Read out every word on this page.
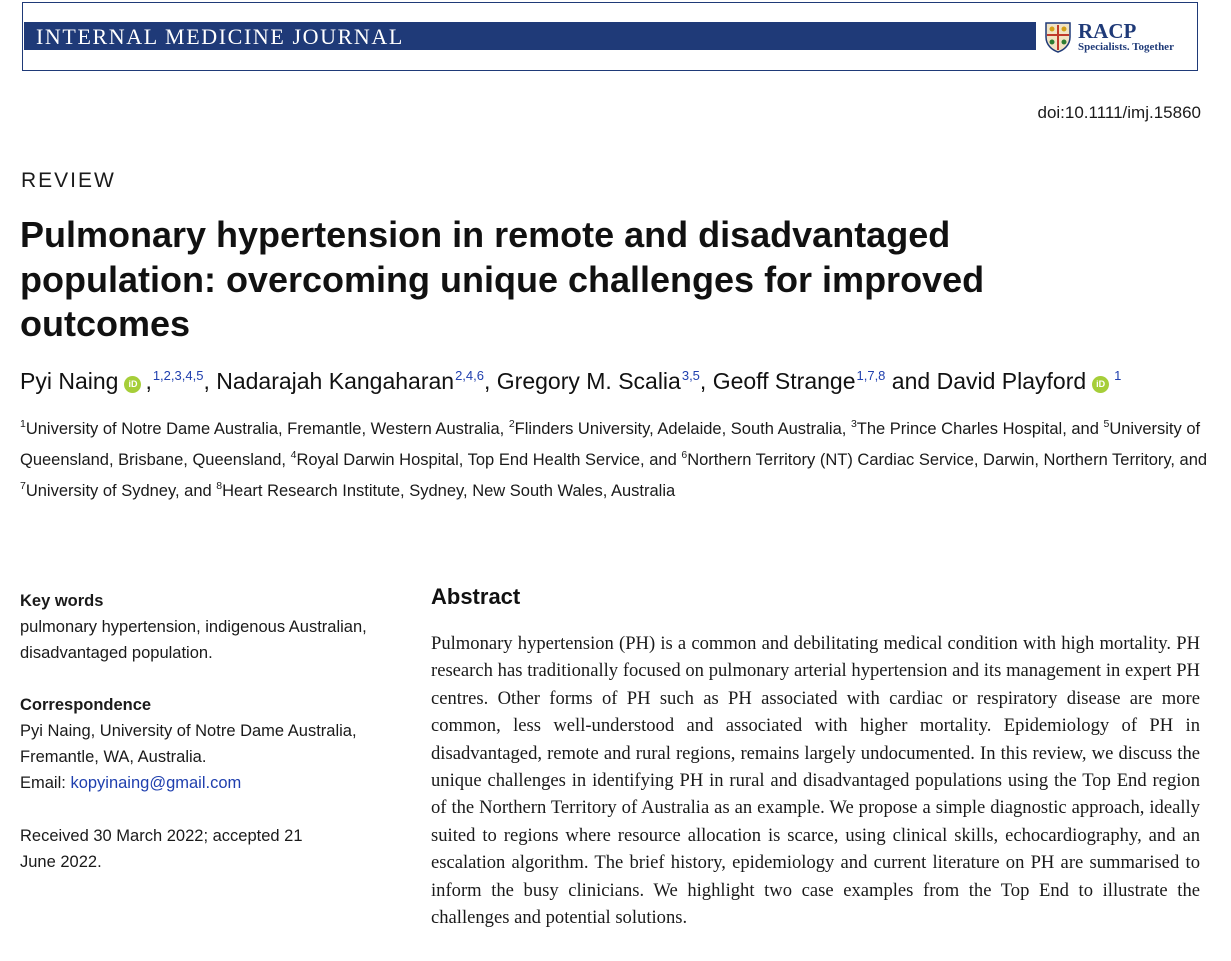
INTERNAL MEDICINE JOURNAL	RACP
Specialists. Together
doi:10.1111/imj.15860
REVIEW
Pulmonary hypertension in remote and disadvantaged population: overcoming unique challenges for improved outcomes
Pyi Naing iD ,$^{1,2,3,4,5}$, Nadarajah Kangaharan$^{2,4,6}$, Gregory M. Scalia$^{3,5}$, Geoff Strange$^{1,7,8}$ and David Playford $iD^1$
$^1$University of Notre Dame Australia, Fremantle, Western Australia, $^2$Flinders University, Adelaide, South Australia, $^3$The Prince Charles Hospital, and $^5$University of Queensland, Brisbane, Queensland, $^4$Royal Darwin Hospital, Top End Health Service, and $^6$Northern Territory (NT) Cardiac Service, Darwin, Northern Territory, and $^7$University of Sydney, and $^8$Heart Research Institute, Sydney, New South Wales, Australia
Key words

pulmonary hypertension, indigenous Australian, disadvantaged population.

Correspondence

Pyi Naing, University of Notre Dame Australia, Fremantle, WA, Australia.

Email: kopyinaing@gmail.com

Received 30 March 2022; accepted 21 June 2022.

Abstract

Pulmonary hypertension (PH) is a common and debilitating medical condition with high mortality. PH research has traditionally focused on pulmonary arterial hypertension and its management in expert PH centres. Other forms of PH such as PH associated with cardiac or respiratory disease are more common, less well-understood and associated with higher mortality. Epidemiology of PH in disadvantaged, remote and rural regions, remains largely undocumented. In this review, we discuss the unique challenges in identifying PH in rural and disadvantaged populations using the Top End region of the Northern Territory of Australia as an example. We propose a simple diagnostic approach, ideally suited to regions where resource allocation is scarce, using clinical skills, echocardiography, and an escalation algorithm. The brief history, epidemiology and current literature on PH are summarised to inform the busy clinicians. We highlight two case examples from the Top End to illustrate the challenges and potential solutions.
